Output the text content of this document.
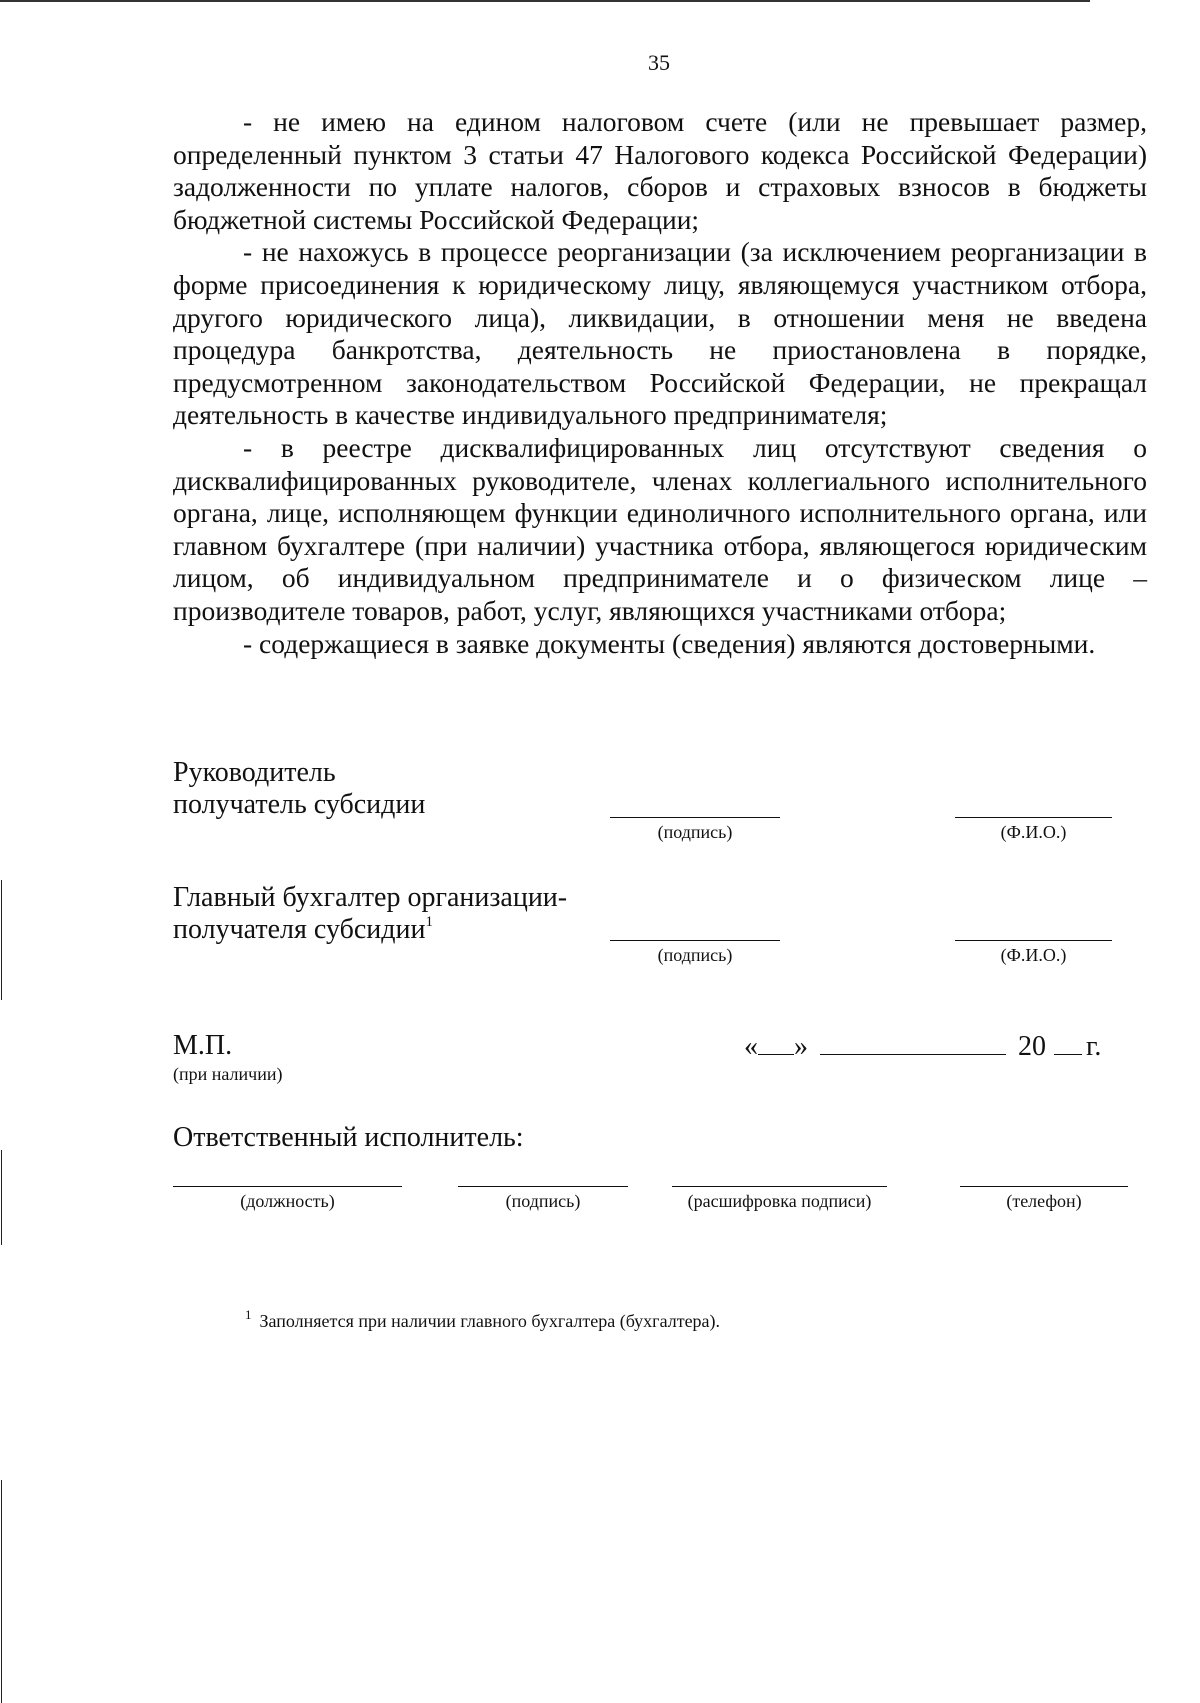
35

- не имею на едином налоговом счете (или не превышает размер, определенный пунктом 3 статьи 47 Налогового кодекса Российской Федерации) задолженности по уплате налогов, сборов и страховых взносов в бюджеты бюджетной системы Российской Федерации;

- не нахожусь в процессе реорганизации (за исключением реорганизации в форме присоединения к юридическому лицу, являющемуся участником отбора, другого юридического лица), ликвидации, в отношении меня не введена процедура банкротства, деятельность не приостановлена в порядке, предусмотренном законодательством Российской Федерации, не прекращал деятельность в качестве индивидуального предпринимателя;

- в реестре дисквалифицированных лиц отсутствуют сведения о дисквалифицированных руководителе, членах коллегиального исполнительного органа, лице, исполняющем функции единоличного исполнительного органа, или главном бухгалтере (при наличии) участника отбора, являющегося юридическим лицом, об индивидуальном предпринимателе и о физическом лице – производителе товаров, работ, услуг, являющихся участниками отбора;

- содержащиеся в заявке документы (сведения) являются достоверными.

Руководитель
получатель субсидии
(подпись)	(Ф.И.О.)
Главный бухгалтер организации-
получателя субсидии$^1$
(подпись)	(Ф.И.О.)
М.П.
(при наличии)
« »	20 г.
Ответственный исполнитель:
(должность)	(подпись)	(расшифровка подписи)	(телефон)
$^1$ Заполняется при наличии главного бухгалтера (бухгалтера).
